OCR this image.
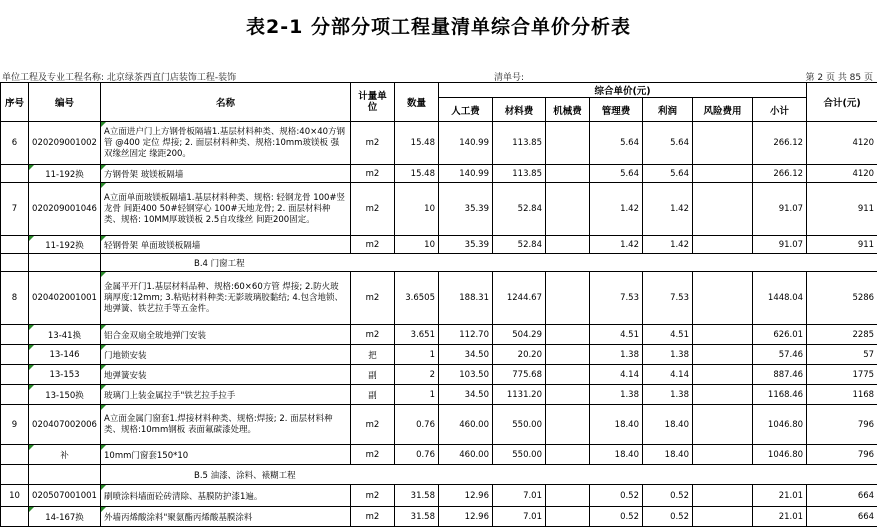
表2-1 分部分项工程量清单综合单价分析表
单位工程及专业工程名称: 北京绿茶西直门店装饰工程-装饰	清单号:	第 2 页 共 85 页
序号	编号	名称	计量单位	数量	综合单价(元)							合计(元)
					人工费	材料费	机械费	管理费	利润	风险费用	小计	
6	020209001002	A立面进户门上方钢骨板隔墙1.基层材料种类、规格:40×40方钢管 @400 定位 焊接; 2. 面层材料种类、规格:10mm玻镁板 强双缘丝固定 缘距200。	m2	15.48	140.99	113.85		5.64	5.64		266.12	4120
	11-192换	方钢骨架 玻镁板隔墙	m2	15.48	140.99	113.85		5.64	5.64		266.12	4120
7	020209001046	A立面单面玻镁板隔墙1.基层材料种类、规格: 轻钢龙骨 100#竖龙骨 间距400 50#轻钢穿心 100#天地龙骨; 2. 面层材料种类、规格: 10MM厚玻镁板 2.5自攻缘丝 间距200固定。	m2	10	35.39	52.84		1.42	1.42		91.07	911
	11-192换	轻钢骨架 单面玻镁板隔墙	m2	10	35.39	52.84		1.42	1.42		91.07	911
		B.4 门窗工程										
8	020402001001	金属平开门1.基层材料品种、规格:60×60方管 焊接; 2.防火玻璃厚度:12mm; 3.粘贴材料种类:无影玻璃胶黏结; 4.包含地锁、地弹簧、铁艺拉手等五金件。	m2	3.6505	188.31	1244.67		7.53	7.53		1448.04	5286
	13-41换	铝合金双扇全玻地弹门安装	m2	3.651	112.70	504.29		4.51	4.51		626.01	2285
	13-146	门地锁安装	把	1	34.50	20.20		1.38	1.38		57.46	57
	13-153	地弹簧安装	副	2	103.50	775.68		4.14	4.14		887.46	1775
	13-150换	玻璃门上装金属拉手"铁艺拉手拉手	副	1	34.50	1131.20		1.38	1.38		1168.46	1168
9	020407002006	A立面金属门窗套1.焊接材料种类、规格:焊接; 2. 面层材料种类、规格:10mm钢板 表面氟碳漆处理。	m2	0.76	460.00	550.00		18.40	18.40		1046.80	796
	补	10mm门窗套150*10	m2	0.76	460.00	550.00		18.40	18.40		1046.80	796
		B.5 油漆、涂料、裱糊工程										
10	020507001001	刷喷涂料墙面砼砖清除、基膜防护漆1遍。	m2	31.58	12.96	7.01		0.52	0.52		21.01	664
	14-167换	外墙丙烯酸涂料"聚氨酯丙烯酸基膜涂料	m2	31.58	12.96	7.01		0.52	0.52		21.01	664
